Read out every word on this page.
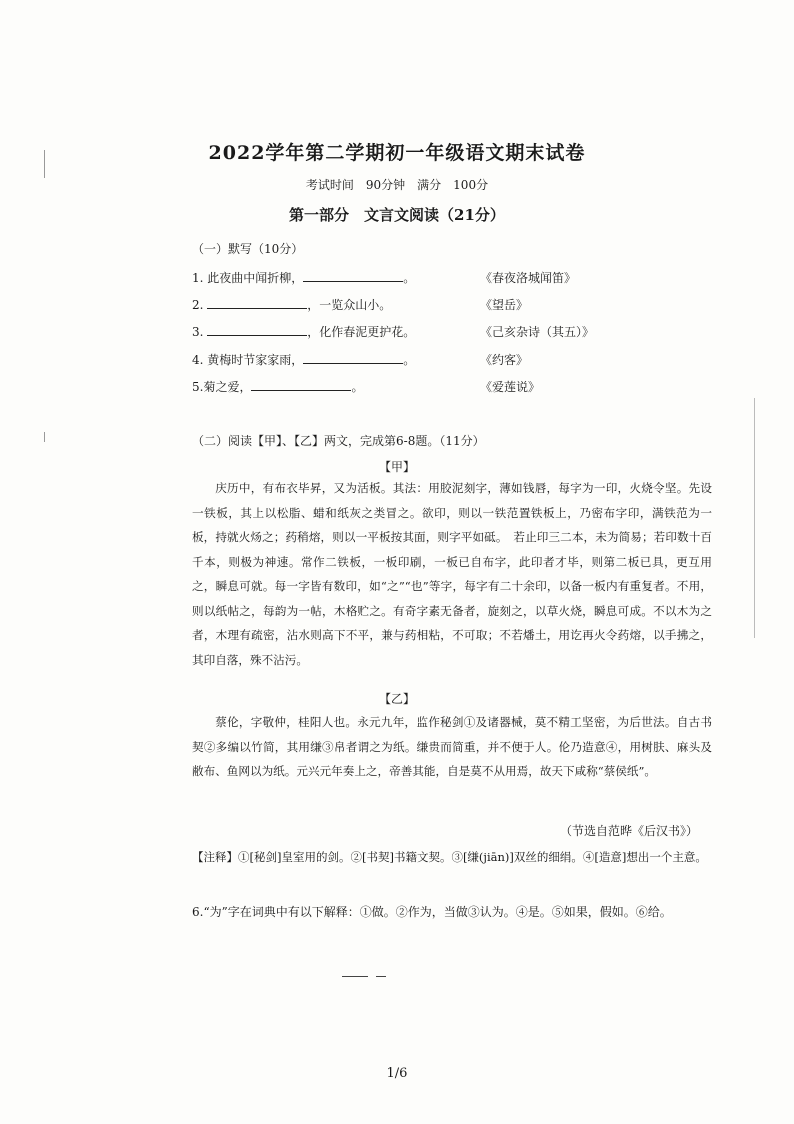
2022学年第二学期初一年级语文期末试卷
考试时间　90分钟　满分　100分
第一部分　文言文阅读（21分）
（一）默写（10分）
1. 此夜曲中闻折柳，	。	《春夜洛城闻笛》
2.	，一览众山小。	《望岳》
3.	，化作春泥更护花。	《己亥杂诗（其五）》
4. 黄梅时节家家雨，	。	《约客》
5.菊之爱，	。	《爱莲说》
（二）阅读【甲】、【乙】两文，完成第6-8题。（11分）
【甲】

庆历中，有布衣毕昇，又为活板。其法：用胶泥刻字，薄如钱唇，每字为一印，火烧令坚。先设一铁板，其上以松脂、蜡和纸灰之类冒之。欲印，则以一铁范置铁板上，乃密布字印，满铁范为一板，持就火炀之；药稍熔，则以一平板按其面，则字平如砥。　若止印三二本，未为简易；若印数十百千本，则极为神速。常作二铁板，一板印刷，一板已自布字，此印者才毕，则第二板已具，更互用之，瞬息可就。每一字皆有数印，如“之”“也”等字，每字有二十余印，以备一板内有重复者。不用，则以纸帖之，每韵为一帖，木格贮之。有奇字素无备者，旋刻之，以草火烧，瞬息可成。不以木为之者，木理有疏密，沾水则高下不平，兼与药相粘，不可取；不若燔土，用讫再火令药熔，以手拂之，其印自落，殊不沾污。

【乙】

蔡伦，字敬仲，桂阳人也。永元九年，监作秘剑①及诸器械，莫不精工坚密，为后世法。自古书契②多编以竹简，其用缣③帛者谓之为纸。缣贵而简重，并不便于人。伦乃造意④，用树肤、麻头及敝布、鱼网以为纸。元兴元年奏上之，帝善其能，自是莫不从用焉，故天下咸称“蔡侯纸”。

（节选自范晔《后汉书》）
【注释】①[秘剑]皇室用的剑。②[书契]书籍文契。③[缣(jiān)]双丝的细绢。④[造意]想出一个主意。
6.“为”字在词典中有以下解释：①做。②作为，当做③认为。④是。⑤如果，假如。⑥给。
1/6
